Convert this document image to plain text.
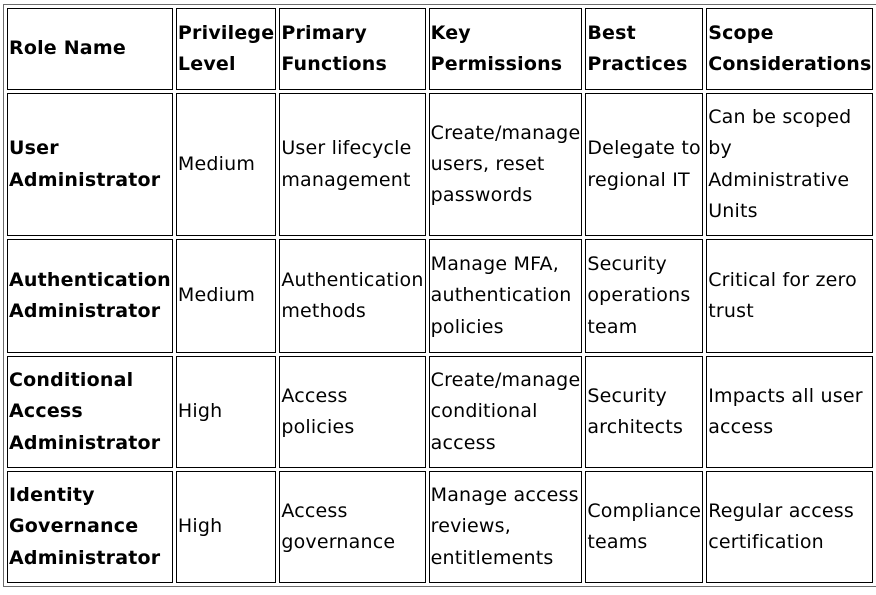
Role Name	Privilege Level	Primary Functions	Key Permissions	Best Practices	Scope Considerations
User Administrator	Medium	User lifecycle management	Create/manage users, reset passwords	Delegate to regional IT	Can be scoped by Administrative Units
Authentication Administrator	Medium	Authentication methods	Manage MFA, authentication policies	Security operations team	Critical for zero trust
Conditional Access Administrator	High	Access policies	Create/manage conditional access	Security architects	Impacts all user access
Identity Governance Administrator	High	Access governance	Manage access reviews, entitlements	Compliance teams	Regular access certification
